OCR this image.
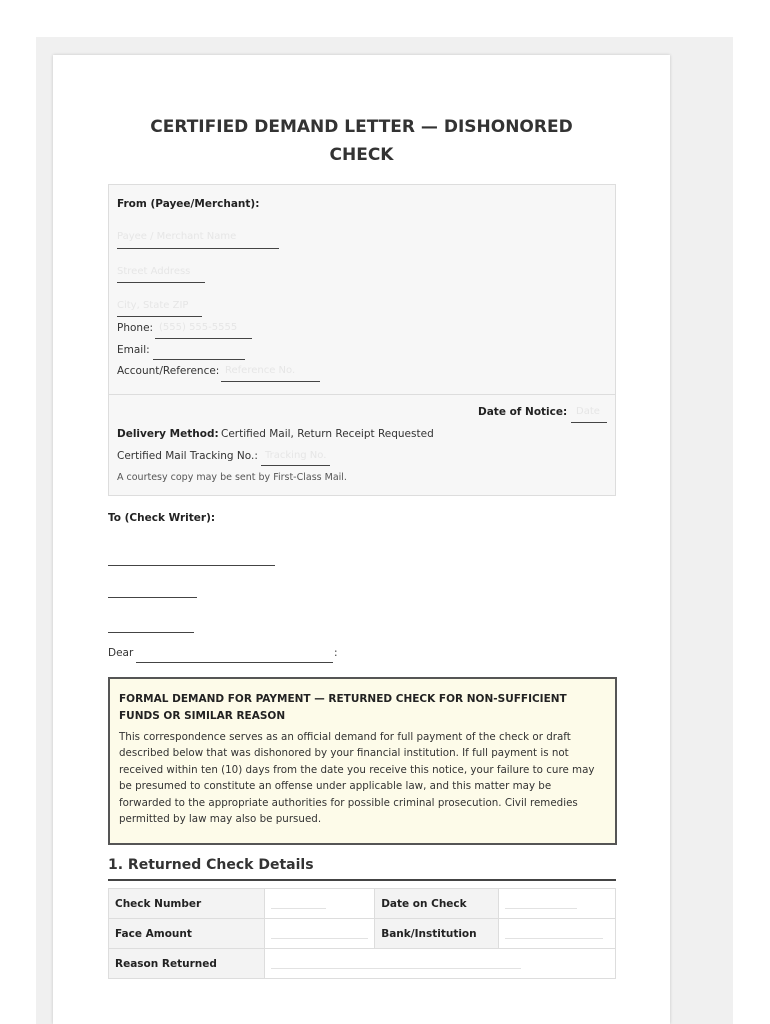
CERTIFIED DEMAND LETTER — DISHONORED
CHECK
From (Payee/Merchant):
Payee / Merchant Name
Street Address
City, State ZIP
Phone: (555) 555-5555
Email:
Account/Reference: Reference No.
Date of Notice: Date
Delivery Method: Certified Mail, Return Receipt Requested
Certified Mail Tracking No.: Tracking No.
A courtesy copy may be sent by First-Class Mail.
To (Check Writer):
Dear	:
FORMAL DEMAND FOR PAYMENT — RETURNED CHECK FOR NON-SUFFICIENT FUNDS OR SIMILAR REASON
This correspondence serves as an official demand for full payment of the check or draft described below that was dishonored by your financial institution. If full payment is not received within ten (10) days from the date you receive this notice, your failure to cure may be presumed to constitute an offense under applicable law, and this matter may be forwarded to the appropriate authorities for possible criminal prosecution. Civil remedies permitted by law may also be pursued.
1. Returned Check Details
Check Number		Date on Check	

Face Amount		Bank/Institution	

Reason Returned			
